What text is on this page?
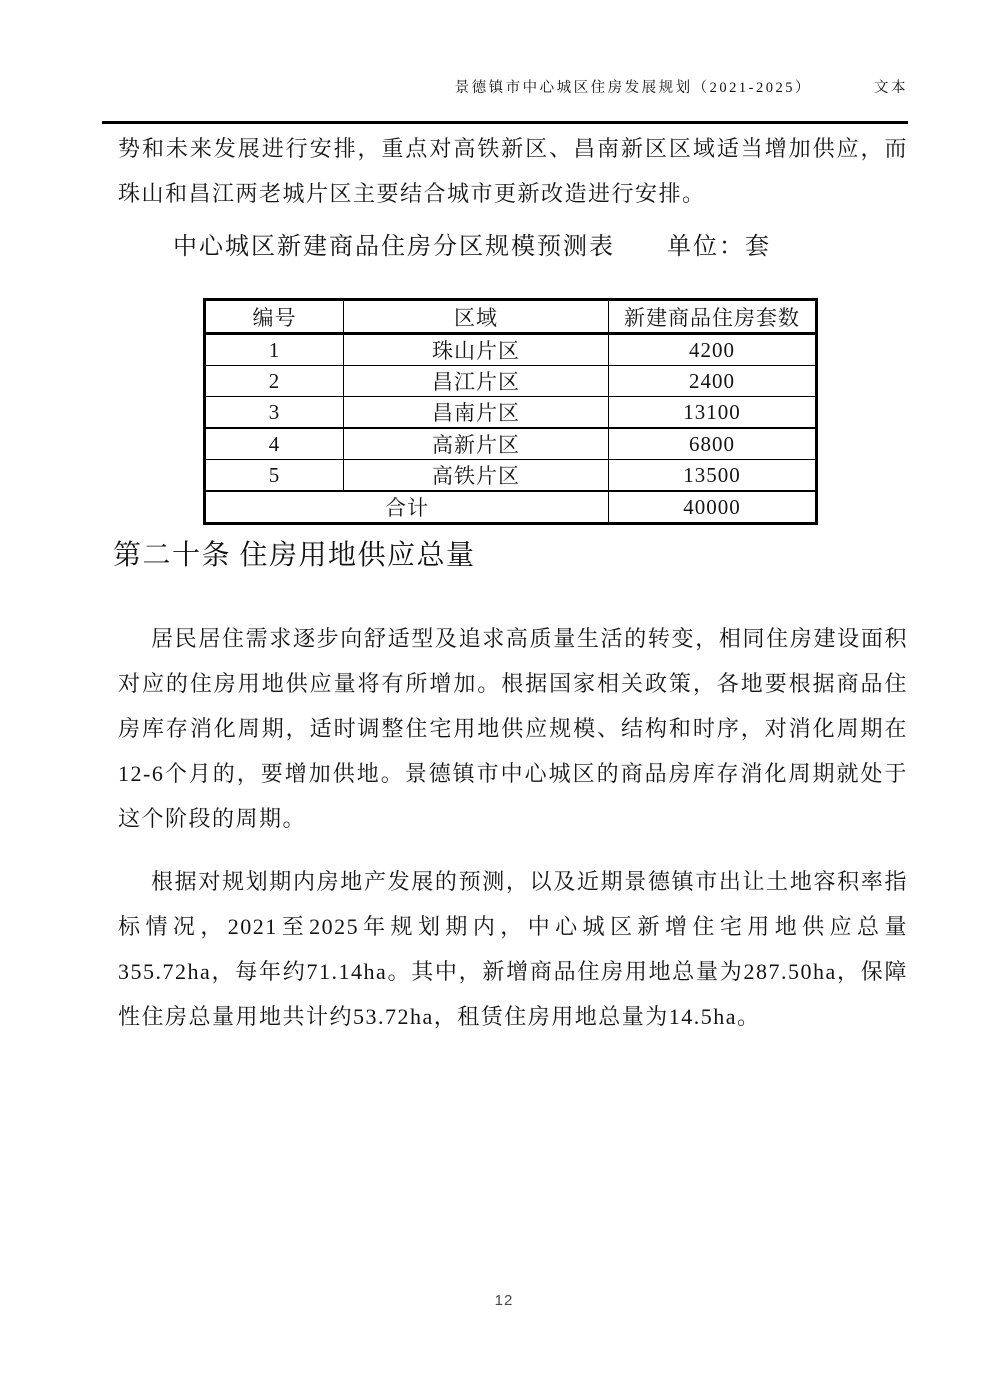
景德镇市中心城区住房发展规划（2021-2025）	文本

势和未来发展进行安排，重点对高铁新区、昌南新区区域适当增加供应，而珠山和昌江两老城片区主要结合城市更新改造进行安排。

中心城区新建商品住房分区规模预测表 单位：套
编号	区域	新建商品住房套数
1	珠山片区	4200
2	昌江片区	2400
3	昌南片区	13100
4	高新片区	6800
5	高铁片区	13500
合计		40000
第二十条 住房用地供应总量

居民居住需求逐步向舒适型及追求高质量生活的转变，相同住房建设面积对应的住房用地供应量将有所增加。根据国家相关政策，各地要根据商品住房库存消化周期，适时调整住宅用地供应规模、结构和时序，对消化周期在12-6个月的，要增加供地。景德镇市中心城区的商品房库存消化周期就处于这个阶段的周期。

根据对规划期内房地产发展的预测，以及近期景德镇市出让土地容积率指标情况，2021至2025年规划期内，中心城区新增住宅用地供应总量355.72ha，每年约71.14ha。其中，新增商品住房用地总量为287.50ha，保障性住房总量用地共计约53.72ha，租赁住房用地总量为14.5ha。

12
